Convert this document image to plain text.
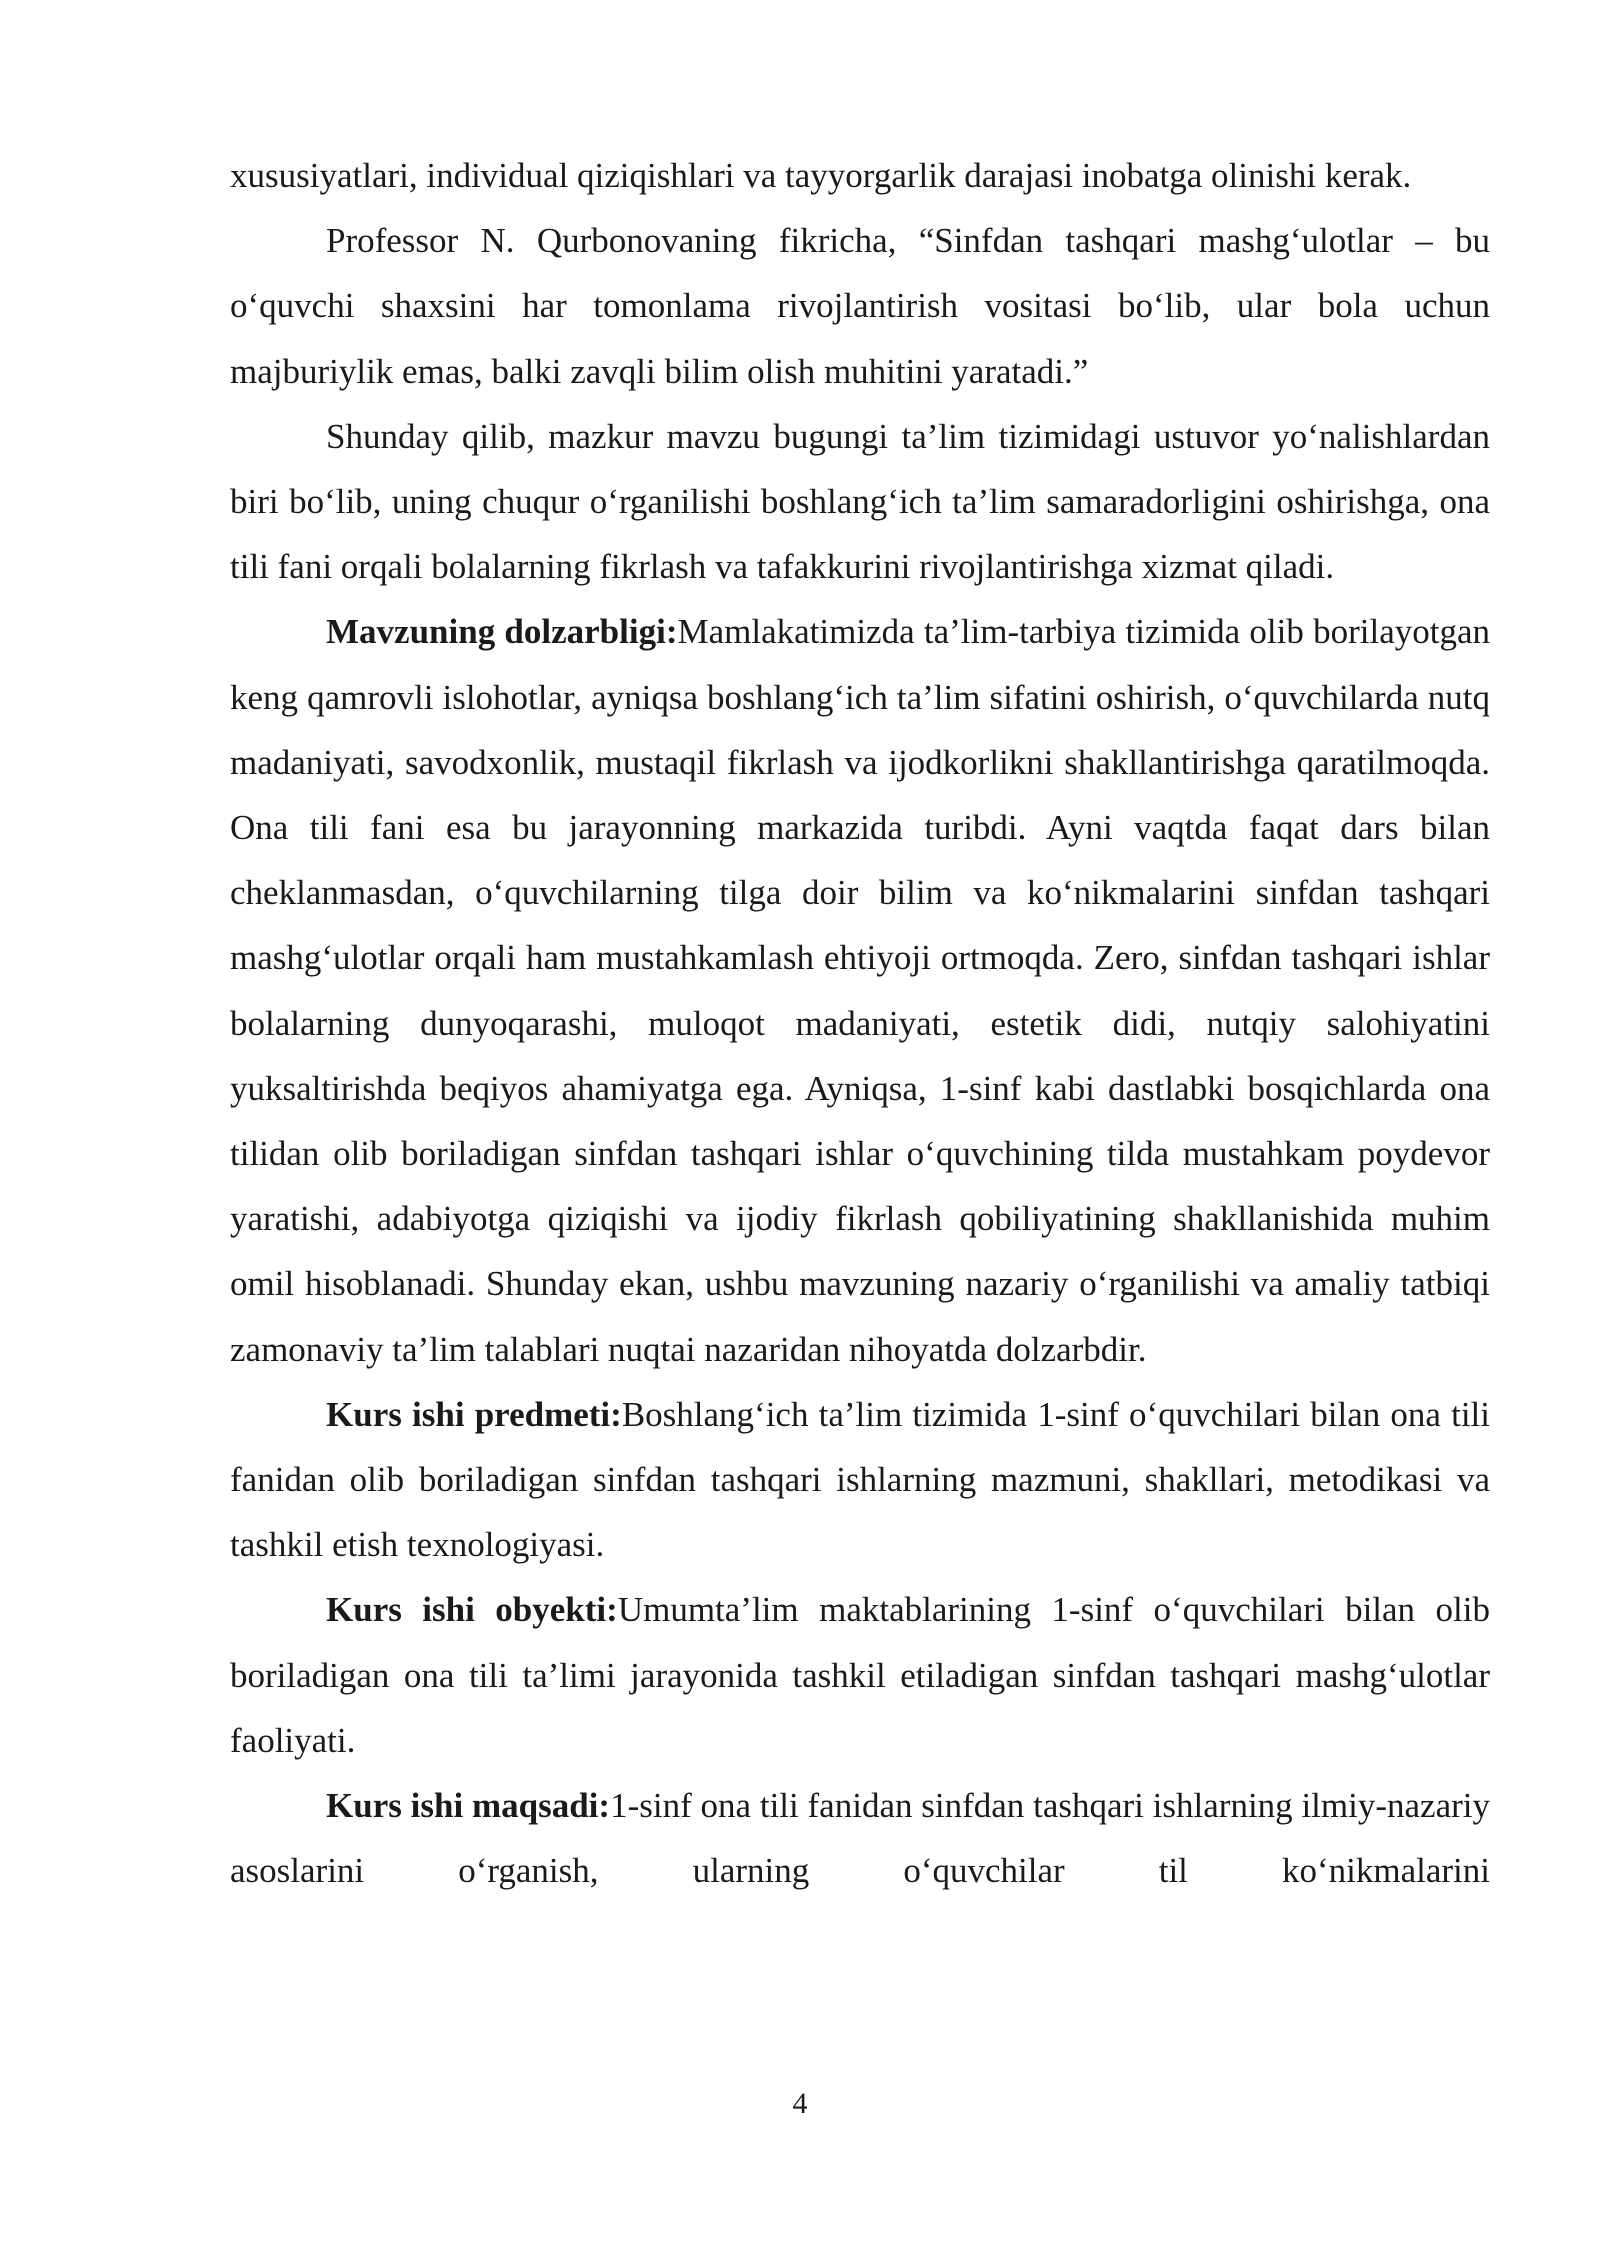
xususiyatlari, individual qiziqishlari va tayyorgarlik darajasi inobatga olinishi kerak.

Professor N. Qurbonovaning fikricha, “Sinfdan tashqari mashg‘ulotlar – bu o‘quvchi shaxsini har tomonlama rivojlantirish vositasi bo‘lib, ular bola uchun majburiylik emas, balki zavqli bilim olish muhitini yaratadi.”

Shunday qilib, mazkur mavzu bugungi ta’lim tizimidagi ustuvor yo‘nalishlardan biri bo‘lib, uning chuqur o‘rganilishi boshlang‘ich ta’lim samaradorligini oshirishga, ona tili fani orqali bolalarning fikrlash va tafakkurini rivojlantirishga xizmat qiladi.

Mavzuning dolzarbligi:Mamlakatimizda ta’lim-tarbiya tizimida olib borilayotgan keng qamrovli islohotlar, ayniqsa boshlang‘ich ta’lim sifatini oshirish, o‘quvchilarda nutq madaniyati, savodxonlik, mustaqil fikrlash va ijodkorlikni shakllantirishga qaratilmoqda. Ona tili fani esa bu jarayonning markazida turibdi. Ayni vaqtda faqat dars bilan cheklanmasdan, o‘quvchilarning tilga doir bilim va ko‘nikmalarini sinfdan tashqari mashg‘ulotlar orqali ham mustahkamlash ehtiyoji ortmoqda. Zero, sinfdan tashqari ishlar bolalarning dunyoqarashi, muloqot madaniyati, estetik didi, nutqiy salohiyatini yuksaltirishda beqiyos ahamiyatga ega. Ayniqsa, 1-sinf kabi dastlabki bosqichlarda ona tilidan olib boriladigan sinfdan tashqari ishlar o‘quvchining tilda mustahkam poydevor yaratishi, adabiyotga qiziqishi va ijodiy fikrlash qobiliyatining shakllanishida muhim omil hisoblanadi. Shunday ekan, ushbu mavzuning nazariy o‘rganilishi va amaliy tatbiqi zamonaviy ta’lim talablari nuqtai nazaridan nihoyatda dolzarbdir.

Kurs ishi predmeti:Boshlang‘ich ta’lim tizimida 1-sinf o‘quvchilari bilan ona tili fanidan olib boriladigan sinfdan tashqari ishlarning mazmuni, shakllari, metodikasi va tashkil etish texnologiyasi.

Kurs ishi obyekti:Umumta’lim maktablarining 1-sinf o‘quvchilari bilan olib boriladigan ona tili ta’limi jarayonida tashkil etiladigan sinfdan tashqari mashg‘ulotlar faoliyati.

Kurs ishi maqsadi:1-sinf ona tili fanidan sinfdan tashqari ishlarning ilmiy-nazariy asoslarini o‘rganish, ularning o‘quvchilar til ko‘nikmalarini

4
